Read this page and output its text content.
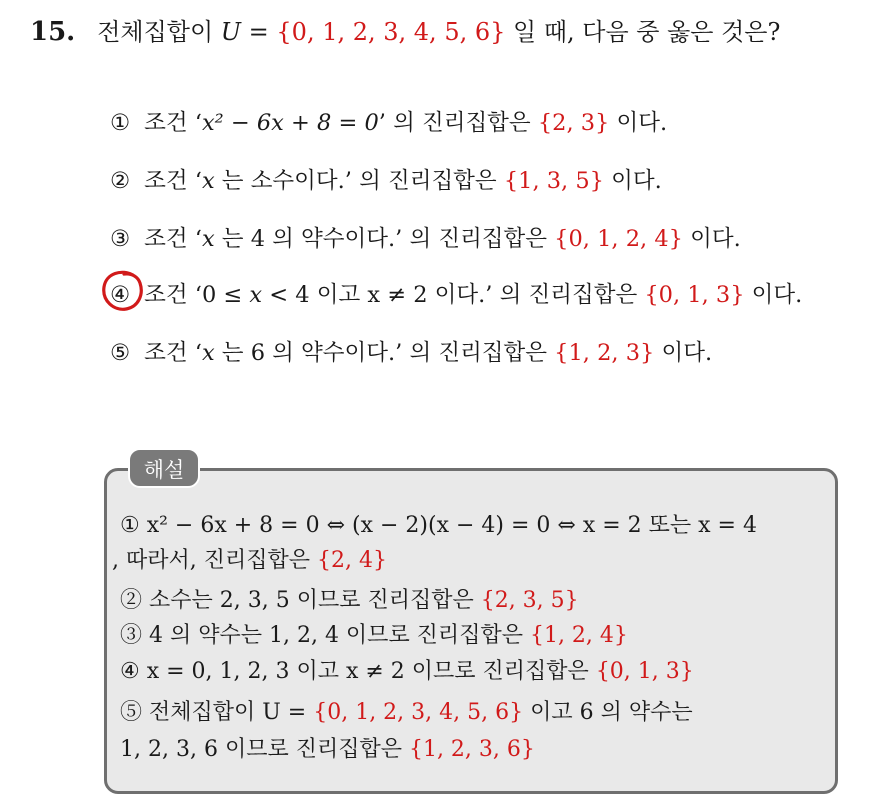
15. 전체집합이 U = {0, 1, 2, 3, 4, 5, 6} 일 때, 다음 중 옳은 것은?
① 조건 ‘x² − 6x + 8 = 0’ 의 진리집합은 {2, 3} 이다.
② 조건 ‘x 는 소수이다.’ 의 진리집합은 {1, 3, 5} 이다.
③ 조건 ‘x 는 4 의 약수이다.’ 의 진리집합은 {0, 1, 2, 4} 이다.
④ 조건 ‘0 ≤ x < 4 이고 x ≠ 2 이다.’ 의 진리집합은 {0, 1, 3} 이다.
⑤ 조건 ‘x 는 6 의 약수이다.’ 의 진리집합은 {1, 2, 3} 이다.
해설
① x² − 6x + 8 = 0 ⇔ (x − 2)(x − 4) = 0 ⇔ x = 2 또는 x = 4
, 따라서, 진리집합은 {2, 4}
② 소수는 2, 3, 5 이므로 진리집합은 {2, 3, 5}
③ 4 의 약수는 1, 2, 4 이므로 진리집합은 {1, 2, 4}
④ x = 0, 1, 2, 3 이고 x ≠ 2 이므로 진리집합은 {0, 1, 3}
⑤ 전체집합이 U = {0, 1, 2, 3, 4, 5, 6} 이고 6 의 약수는
1, 2, 3, 6 이므로 진리집합은 {1, 2, 3, 6}
